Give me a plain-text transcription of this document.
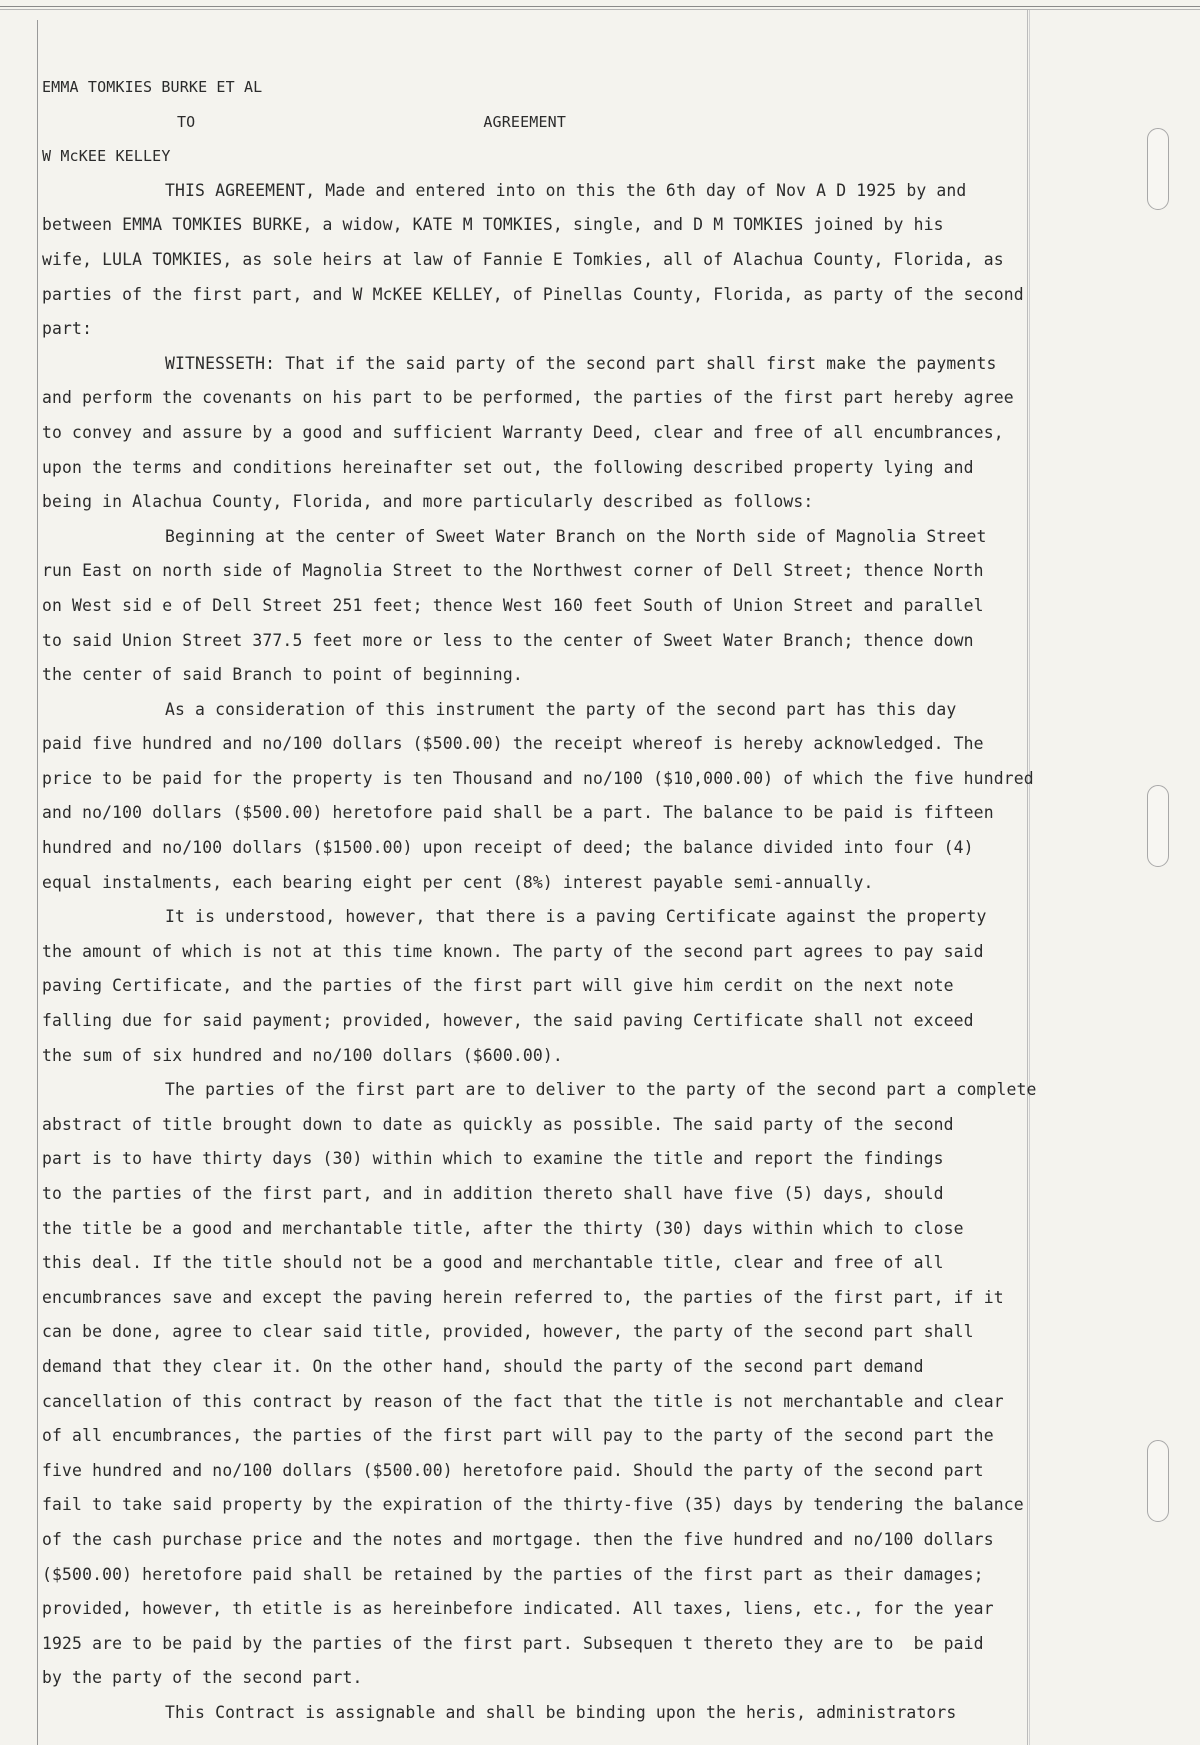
EMMA TOMKIES BURKE ET AL
TO	AGREEMENT
W McKEE KELLEY
THIS AGREEMENT, Made and entered into on this the 6th day of Nov A D 1925 by and
between EMMA TOMKIES BURKE, a widow, KATE M TOMKIES, single, and D M TOMKIES joined by his
wife, LULA TOMKIES, as sole heirs at law of Fannie E Tomkies, all of Alachua County, Florida, as
parties of the first part, and W McKEE KELLEY, of Pinellas County, Florida, as party of the second
part:
WITNESSETH: That if the said party of the second part shall first make the payments
and perform the covenants on his part to be performed, the parties of the first part hereby agree
to convey and assure by a good and sufficient Warranty Deed, clear and free of all encumbrances,
upon the terms and conditions hereinafter set out, the following described property lying and
being in Alachua County, Florida, and more particularly described as follows:
Beginning at the center of Sweet Water Branch on the North side of Magnolia Street
run East on north side of Magnolia Street to the Northwest corner of Dell Street; thence North
on West sid e of Dell Street 251 feet; thence West 160 feet South of Union Street and parallel
to said Union Street 377.5 feet more or less to the center of Sweet Water Branch; thence down
the center of said Branch to point of beginning.
As a consideration of this instrument the party of the second part has this day
paid five hundred and no/100 dollars ($500.00) the receipt whereof is hereby acknowledged. The
price to be paid for the property is ten Thousand and no/100 ($10,000.00) of which the five hundred
and no/100 dollars ($500.00) heretofore paid shall be a part. The balance to be paid is fifteen
hundred and no/100 dollars ($1500.00) upon receipt of deed; the balance divided into four (4)
equal instalments, each bearing eight per cent (8%) interest payable semi-annually.
It is understood, however, that there is a paving Certificate against the property
the amount of which is not at this time known. The party of the second part agrees to pay said
paving Certificate, and the parties of the first part will give him cerdit on the next note
falling due for said payment; provided, however, the said paving Certificate shall not exceed
the sum of six hundred and no/100 dollars ($600.00).
The parties of the first part are to deliver to the party of the second part a complete
abstract of title brought down to date as quickly as possible. The said party of the second
part is to have thirty days (30) within which to examine the title and report the findings
to the parties of the first part, and in addition thereto shall have five (5) days, should
the title be a good and merchantable title, after the thirty (30) days within which to close
this deal. If the title should not be a good and merchantable title, clear and free of all
encumbrances save and except the paving herein referred to, the parties of the first part, if it
can be done, agree to clear said title, provided, however, the party of the second part shall
demand that they clear it. On the other hand, should the party of the second part demand
cancellation of this contract by reason of the fact that the title is not merchantable and clear
of all encumbrances, the parties of the first part will pay to the party of the second part the
five hundred and no/100 dollars ($500.00) heretofore paid. Should the party of the second part
fail to take said property by the expiration of the thirty-five (35) days by tendering the balance
of the cash purchase price and the notes and mortgage. then the five hundred and no/100 dollars
($500.00) heretofore paid shall be retained by the parties of the first part as their damages;
provided, however, th etitle is as hereinbefore indicated. All taxes, liens, etc., for the year
1925 are to be paid by the parties of the first part. Subsequen t thereto they are to  be paid
by the party of the second part.
This Contract is assignable and shall be binding upon the heris, administrators
